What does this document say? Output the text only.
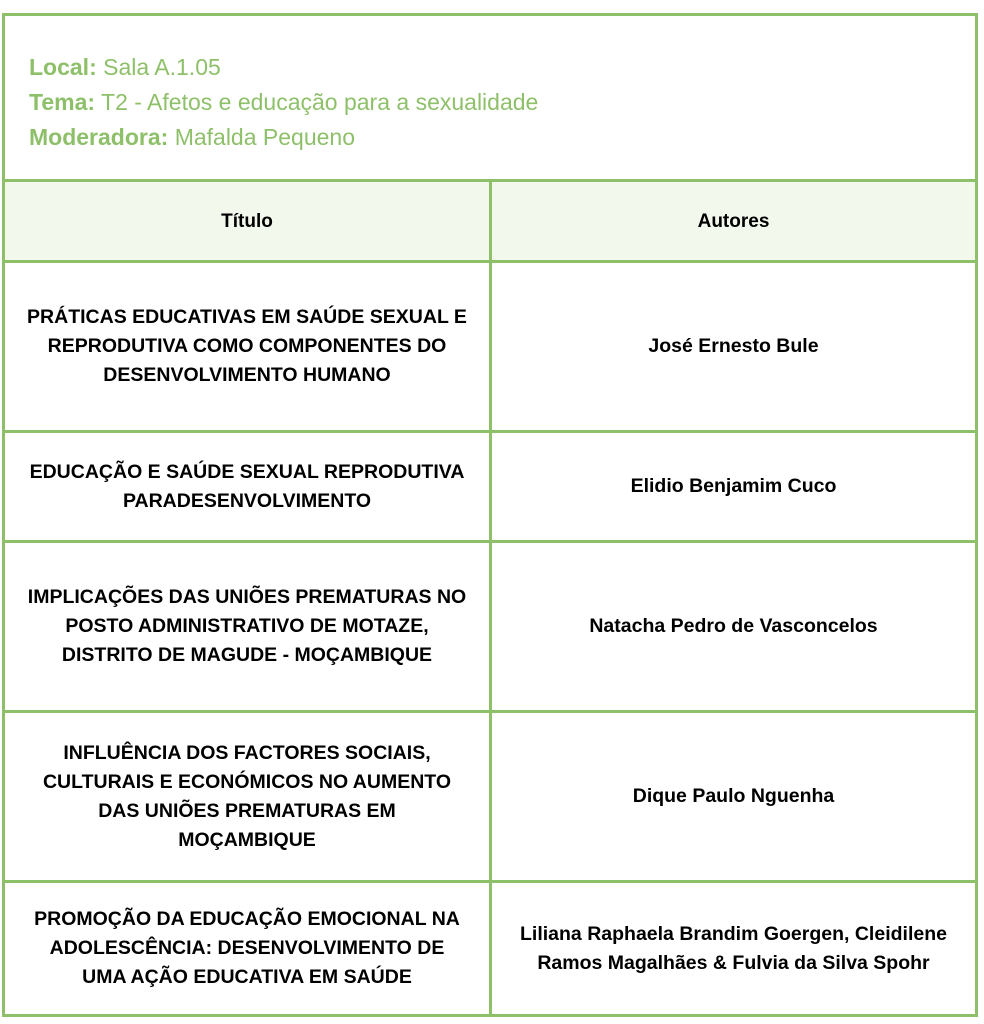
Local: Sala A.1.05
Tema: T2 - Afetos e educação para a sexualidade
Moderadora: Mafalda Pequeno
Título	Autores
PRÁTICAS EDUCATIVAS EM SAÚDE SEXUAL E REPRODUTIVA COMO COMPONENTES DO DESENVOLVIMENTO HUMANO
José Ernesto Bule
EDUCAÇÃO E SAÚDE SEXUAL REPRODUTIVA PARADESENVOLVIMENTO
Elidio Benjamim Cuco
IMPLICAÇÕES DAS UNIÕES PREMATURAS NO POSTO ADMINISTRATIVO DE MOTAZE, DISTRITO DE MAGUDE - MOÇAMBIQUE
Natacha Pedro de Vasconcelos
INFLUÊNCIA DOS FACTORES SOCIAIS, CULTURAIS E ECONÓMICOS NO AUMENTO DAS UNIÕES PREMATURAS EM MOÇAMBIQUE
Dique Paulo Nguenha
PROMOÇÃO DA EDUCAÇÃO EMOCIONAL NA ADOLESCÊNCIA: DESENVOLVIMENTO DE UMA AÇÃO EDUCATIVA EM SAÚDE
Liliana Raphaela Brandim Goergen, Cleidilene Ramos Magalhães & Fulvia da Silva Spohr
